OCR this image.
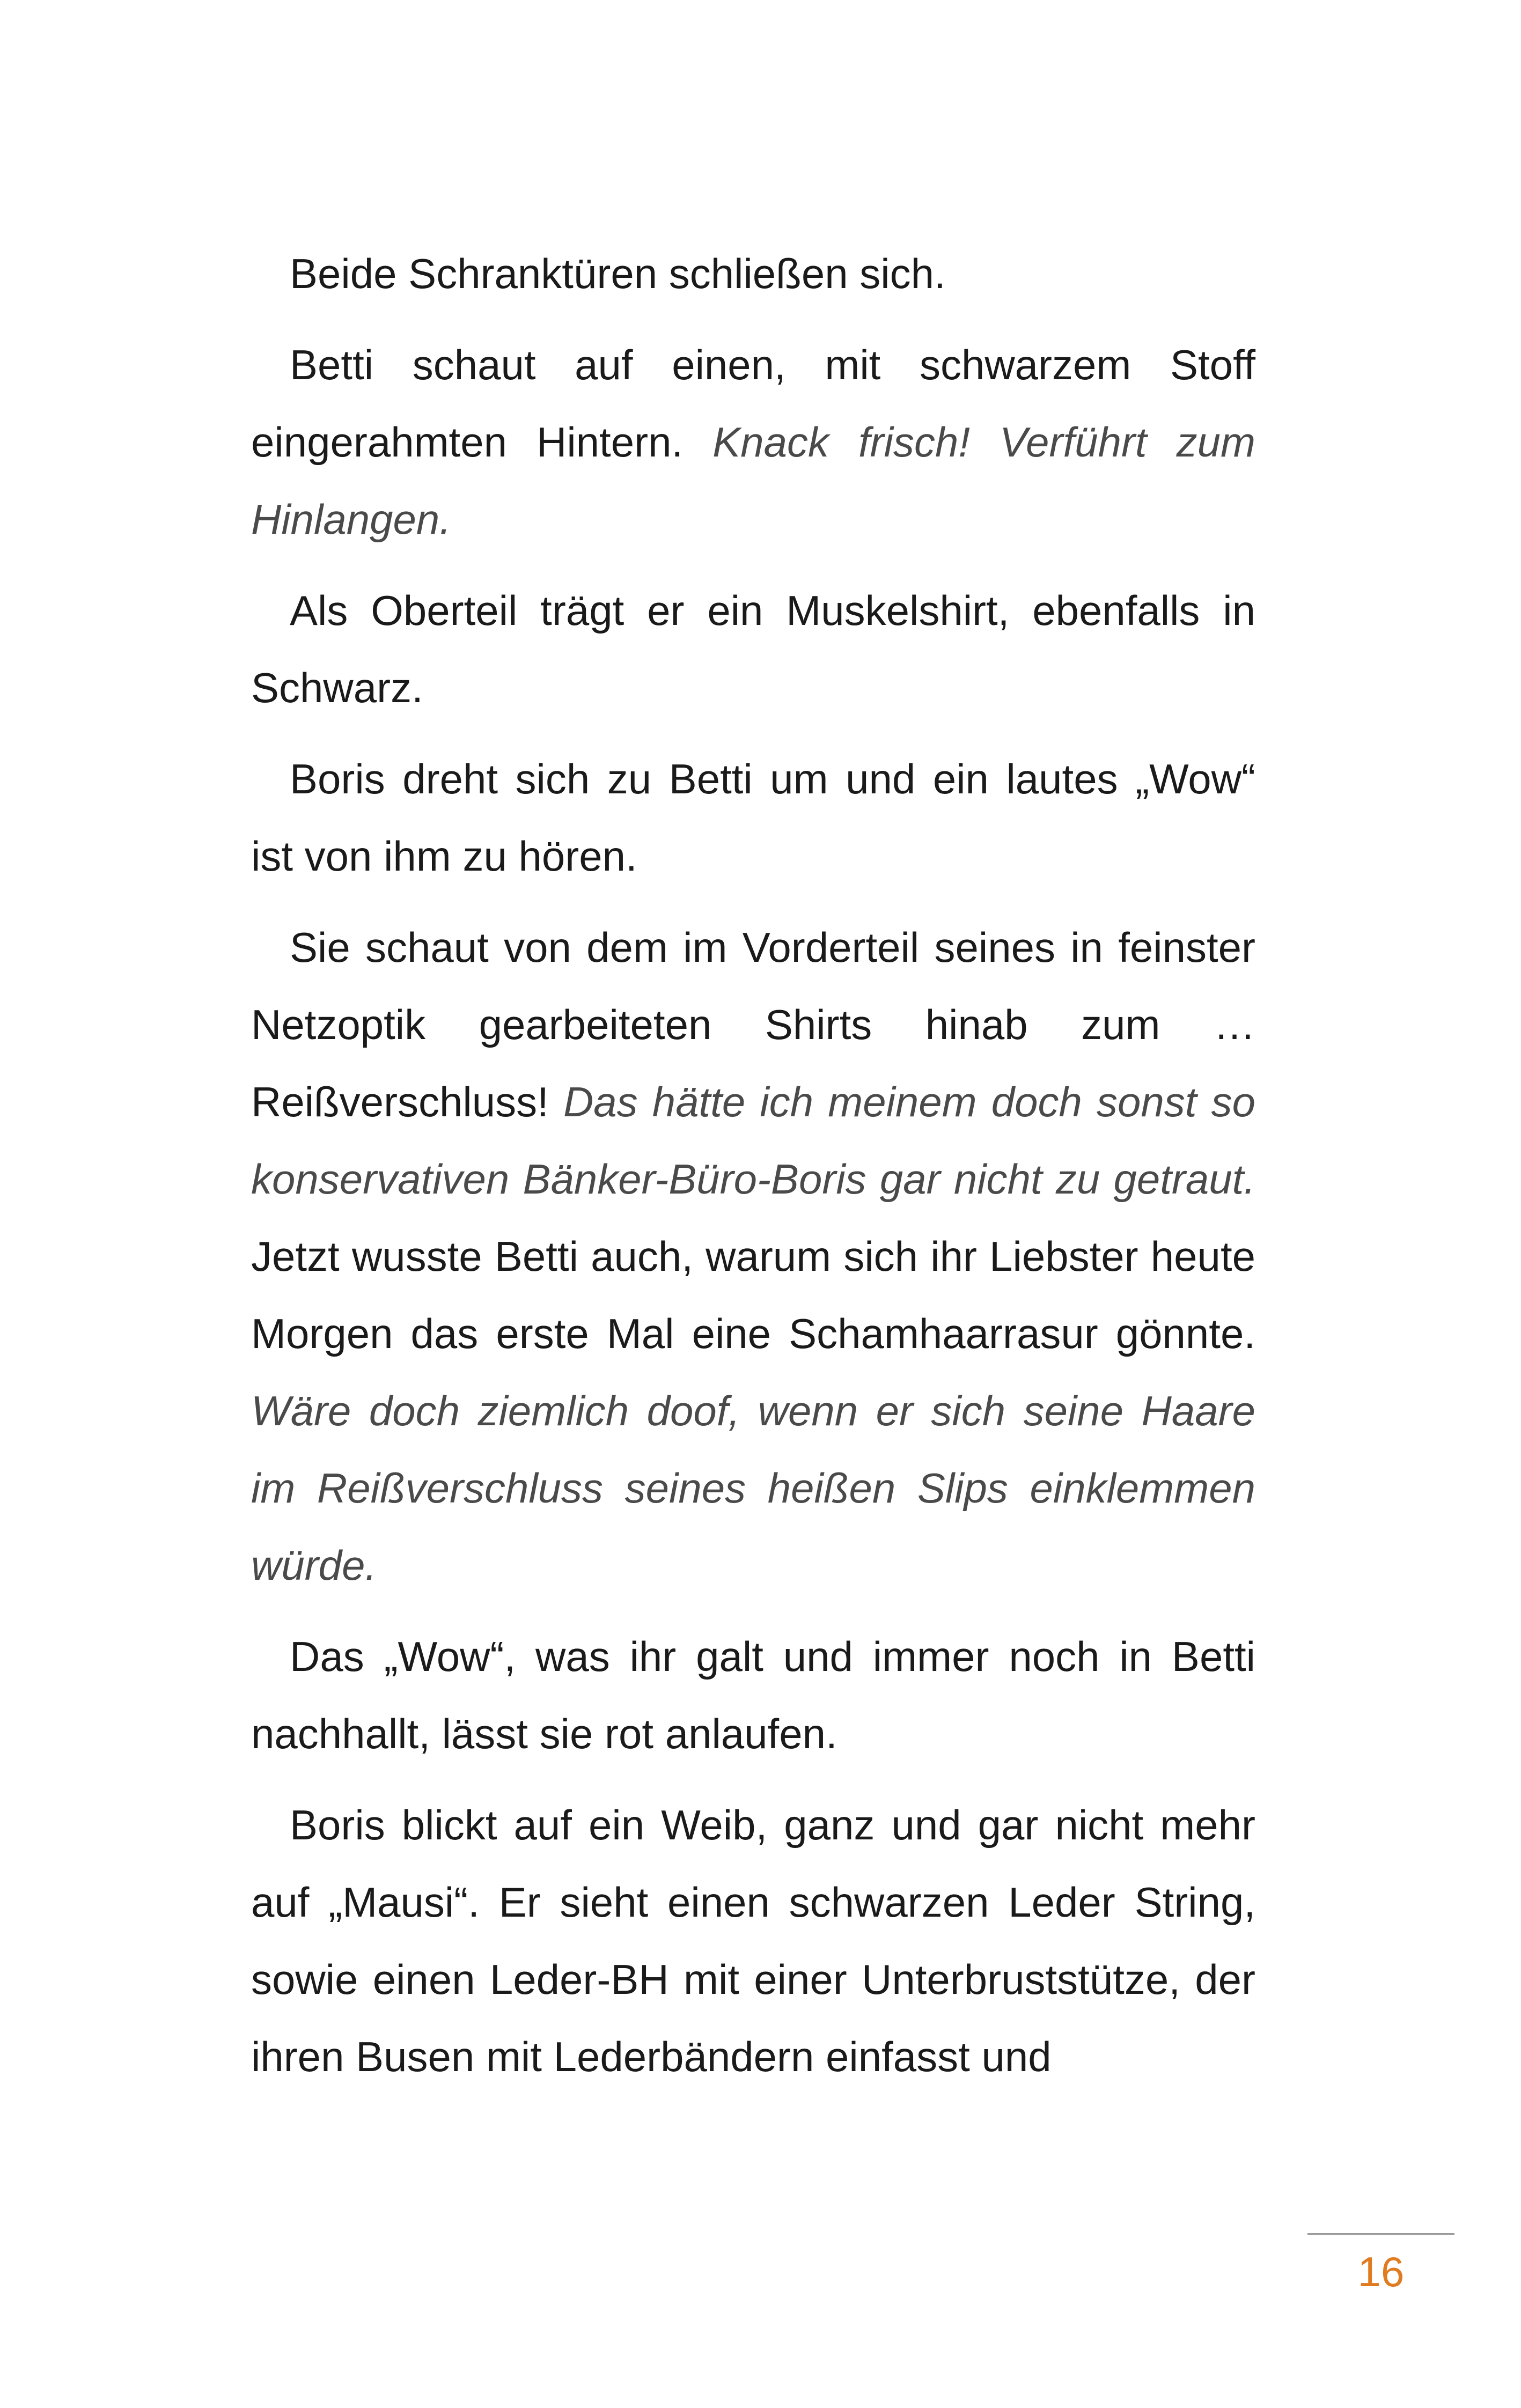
Beide Schranktüren schließen sich.

Betti schaut auf einen, mit schwarzem Stoff eingerahmten Hintern. Knack frisch! Verführt zum Hinlangen.

Als Oberteil trägt er ein Muskelshirt, ebenfalls in Schwarz.

Boris dreht sich zu Betti um und ein lautes „Wow“ ist von ihm zu hören.

Sie schaut von dem im Vorderteil seines in feinster Netzoptik gearbeiteten Shirts hinab zum … Reißverschluss! Das hätte ich meinem doch sonst so konservativen Bänker-Büro-Boris gar nicht zu getraut. Jetzt wusste Betti auch, warum sich ihr Liebster heute Morgen das erste Mal eine Schamhaarrasur gönnte. Wäre doch ziemlich doof, wenn er sich seine Haare im Reißverschluss seines heißen Slips einklemmen würde.

Das „Wow“, was ihr galt und immer noch in Betti nachhallt, lässt sie rot anlaufen.

Boris blickt auf ein Weib, ganz und gar nicht mehr auf „Mausi“. Er sieht einen schwarzen Leder String, sowie einen Leder-BH mit einer Unterbruststütze, der ihren Busen mit Lederbändern einfasst und

16
